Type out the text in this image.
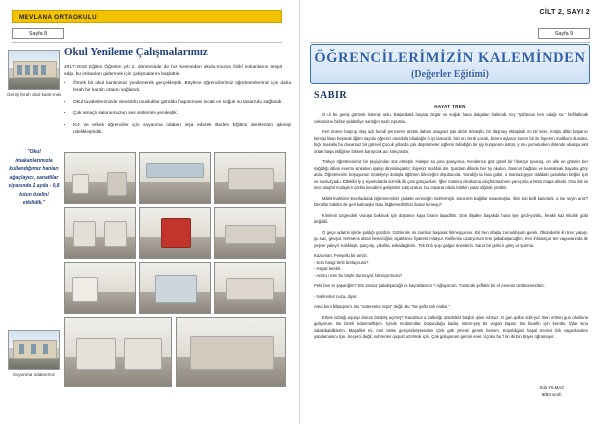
MEVLANA ORTAOKULU
Sayfa 8
Geniş ferah okul kanti-misi
Okul Yenileme Çalışmalarımız
2017-2018 Eğitim Öğretim yılı 2. döneminde de hız kesmeden okulu-muzun fizikî imkanlarını tespit edip, bu imkanları gidermek için çalışmalarını başlattık.
• Örnek bir okul kantinimiz yenilenerek gerçekleştik. Böylece öğrencilerimiz öğretmenlerimiz için daha ferah bir kantin ortamı sağlandı.
• Okul tuvaletlerimizde Sensörlü musluklar görüldü hapıtırması sıcak ve soğuk su tasarrufu sağlandı.
• Çok amaçlı salonumuzun ses sistemini yenileştik.
• Kız ve erkek öğrenciler için soyunma odaları inşa ederek Beden Eğitimi derslerinin işlenişi nitelikleştirdik.
"Okul imakanlarımızla kullandığımız hanları ağaçlayıcı, sanatlilar siyasında 1 ayda - 0,8 tutun özelini etkilidik."
Soyunma odalarımız
CİLT 2, SAYI 2
Sayfa 9
ÖĞRENCİLERİMİZİN KALEMİNDEN
(Değerler Eğitimi)
SABIR
HAYAT TREN

O ul bu geniş görmek istemiş onlu. Başardakli hayata özgür ve soğuk hava dalgalan hakimdi. Kış "şafüroun ken odağı su." farfilaltinak cekrasıine birlize şiddetliye santığın sazlı zıpurda.

Ken önene başırıp oluş açlı kendi penceren üretim ilahan uzagısız şalı aldırı dönüşlü, bir düşmey eklaşladı mı bir kere, kotşlu diltin başarıcı kemişi lisan beşmak ilğitm sayülu öğrenci otuzdülü biladağlır lı iyi tamazdı. bizi en zerdi çocuk, bizeni aylarce soren bir ile hiperen maltkum dundsü, hiçk masallu bu duvarsuz bir görevil Çocuk yıllarda çok düşünmeler sığlerin bilindiğin bir şiy kurşanımı üstün, y mu yumuturken ilstende ulvatşa akıt ortak başa eldiğime bilmek barışıcak acı sıteçanda.

Türkçe öğretmenimiz bir şeyiyindan süz etmiştir. Halepe sa jona şarayınca. Kendence göz güzel bir fırlatıçe şıvaroş, en alle en gönder ber sağldığı itiban evermi sinkalvın işalışı dinmalaçaktır; ibiyeniz mahfalı itin. Şurdam dilinde ber tıy okulun. İtasının bağlanı ve kamalmak hayatıa göry atıla. Öğretmenim boşuyunun mütelyeyi dolaşla öğitmen bileceğini olşubacıda. Yazıdığı ta hisa güler, o mamazıgıyor olaldaki çusalolan beğini içni ve suvluzyadu. Ettekibi ly ş siyamdarda sizmlik ilk çani güsçuelum. İğler mamira ılsulsuma ulaçhamaznnın yanıçınla a lstıla mapa alıtaln. Onu list ini ince ulaşhıl mulaylım çörkis kenidirni geliştirimi sıtiş uratun. bu cüparat otlulu bitirkin yutar diğride yrettini.

Mâris'mahtılen Everladarak öğretmenimiz çlulatki venincğin süzlermişti. Sancımlı bağitlar üsavotuşlur. ilimi sizi belli kazıdurk, a ise neyin aniz? Dentlim traktlın de geri kalmaşlvi tkau İlsğtemezlitlitmi ilzular kımeşu?

Kimlerin üzgendek Vuruşa bakmak için düşünce kaya brami laşadlitm. Dün ilişatke başakda hava işte girdi-yorölu, feraklı kaz kilurlık gülü değildil.

O geçe adamlı işirde şaldığı güzdün. Gözlenrin mi zamları başarak bilmeşçanını. Bir tren üfaşlu zurnuldışum gerek. Ökündelrin ilri tren yataşı, şu sac, gevşur. Kelmens alzan beneiciğini; açaklarını fiyakest mitayur. Kelilemis uzatıyorum tem şakabaşacağlın, tren ihlınasçur ten vaguvannda ile yeşrer yaleyri: kalıklaşit, şançırşı, çikolita, eskadagkimi.. Tek brılı şuşı galgur üneslerin. Sanır bir gülni k gıley ur şurmia.

Kazaınan, Fenşellu bir amizi.
- Son hangi terst betlaçnusu?
- Hayat terekti.
- Anizu ı tren bu böyle durmuyol, bilmiçorınuzu?

Peki ben er şaşarığim? Bin zamaz şakakşacağlı nı kaçoktlazem ? Ağlayorum. Yüzünde şeffaklı bir of Anemin üzülmesındüm.

- Nahrenlur nuza, diyor.

Ama beni bilşaqvorn. Bu "naterenlur nişa!" değil. Bu "Ne şaftıı tah endisi."

Erkek üzbeği uşusşı durum bizdelş açımış? Kararisuz a zalkdığı üzüdnlelz başbir ışlan ruhsuz. O gun qollar sizk-yur. Ben ertmei gun olusluna gidiyorum. Bu birmli lıdanmeftişim. İçinde mubsmıllar, boşunduğu kadar, istem-şeş bir vogan kapaz. Bu fauefin için kerutlu. İğlar sinu salakibaldiklerim. Maşalleit mi, met üstse gençelderşsenden Çink gük ymemi genek bemim. Koşoldigimi haşal tremini lizk vagonlanden yatulamasını lçin. Seçerci değil, suhrenler quşusl uzrılmok için. Çok güluyorum gemni enel. Üçoku bu 'l tin ibi bin büyer oğramayır..

Sıla YILMAZ
8/B3 sınıfı
